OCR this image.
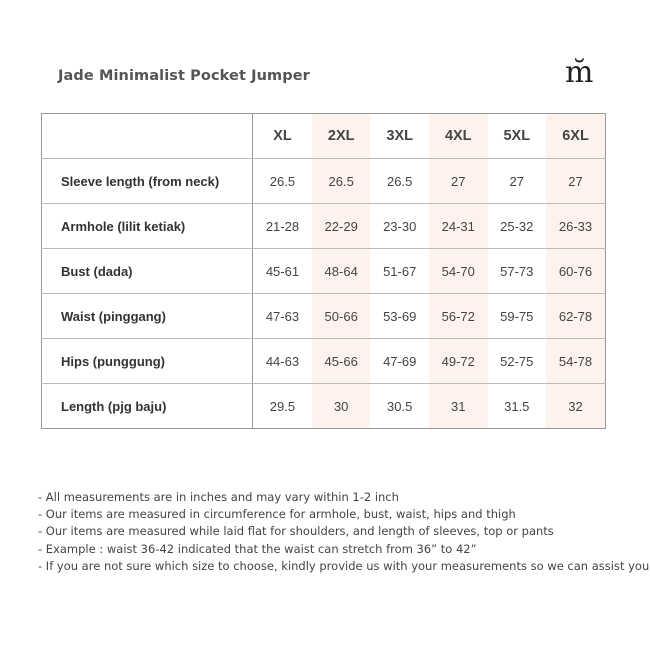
Jade Minimalist Pocket Jumper	m̆
	XL	2XL	3XL	4XL	5XL	6XL
Sleeve length (from neck)	26.5	26.5	26.5	27	27	27
Armhole (lilit ketiak)	21-28	22-29	23-30	24-31	25-32	26-33
Bust (dada)	45-61	48-64	51-67	54-70	57-73	60-76
Waist (pinggang)	47-63	50-66	53-69	56-72	59-75	62-78
Hips (punggung)	44-63	45-66	47-69	49-72	52-75	54-78
Length (pjg baju)	29.5	30	30.5	31	31.5	32
- All measurements are in inches and may vary within 1-2 inch
- Our items are measured in circumference for armhole, bust, waist, hips and thigh
- Our items are measured while laid flat for shoulders, and length of sleeves, top or pants
- Example : waist 36-42 indicated that the waist can stretch from 36” to 42”
- If you are not sure which size to choose, kindly provide us with your measurements so we can assist you
